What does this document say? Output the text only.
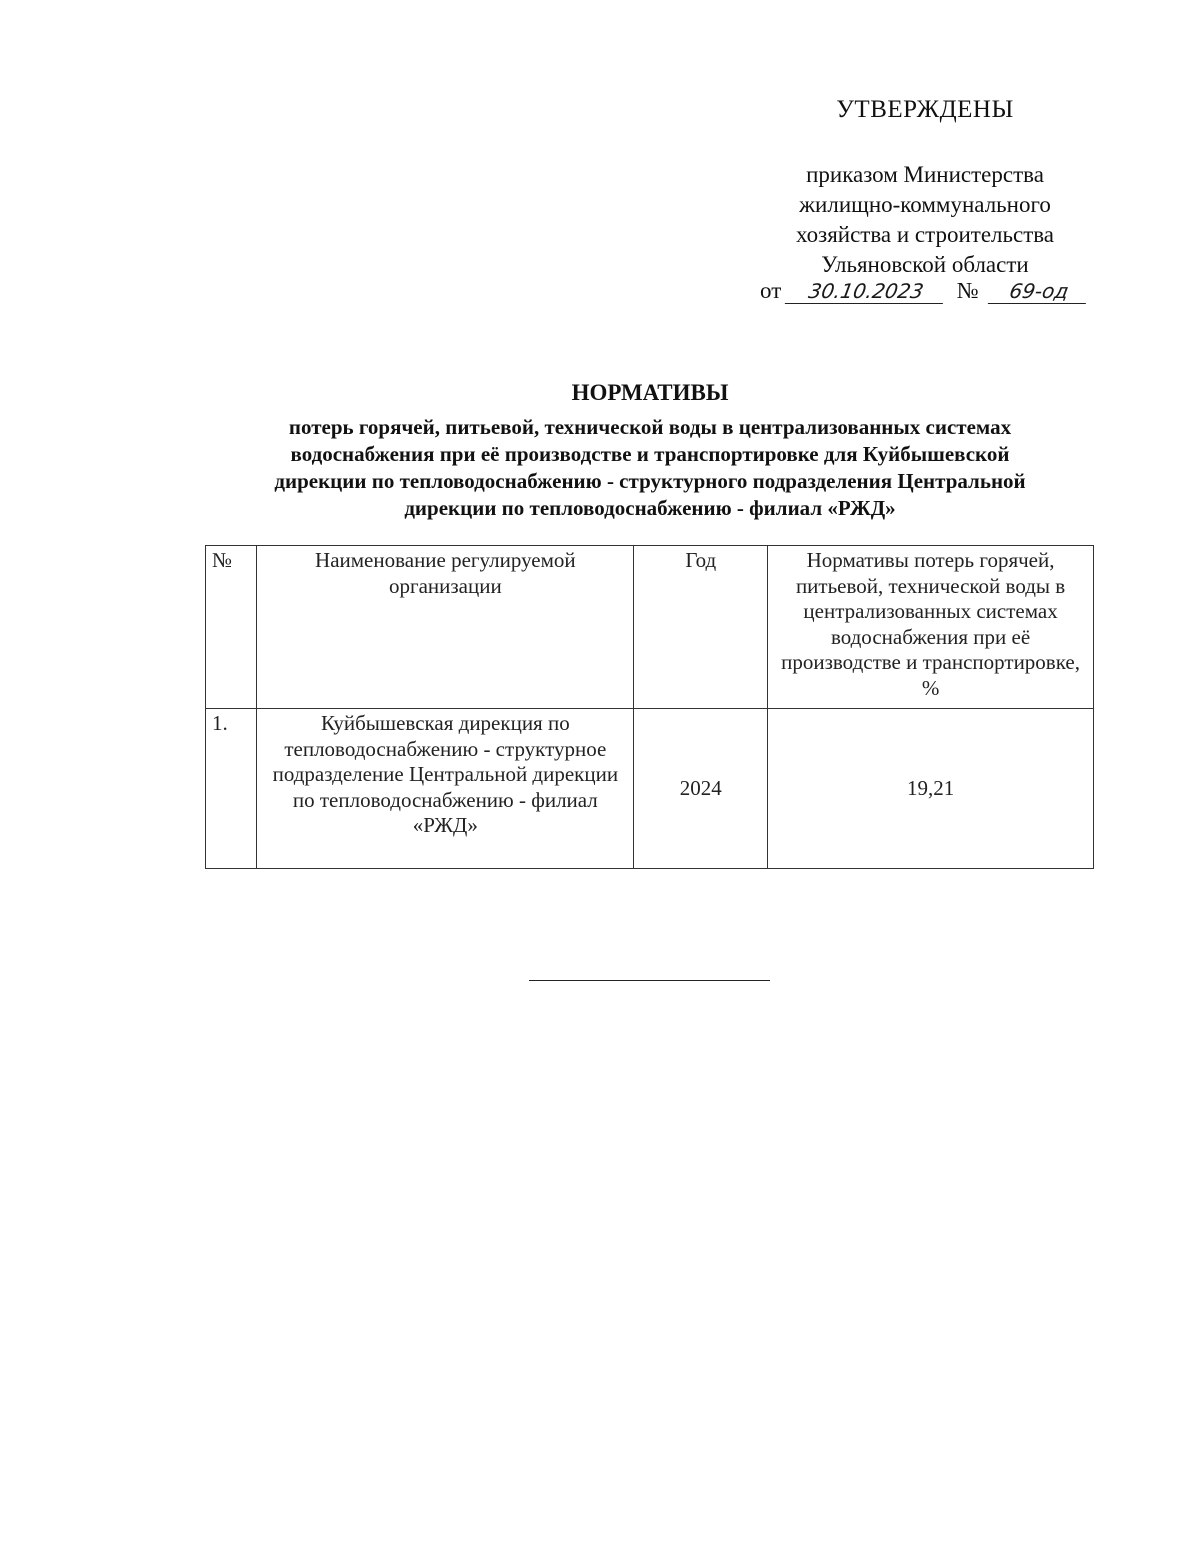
УТВЕРЖДЕНЫ
приказом Министерства
жилищно-коммунального
хозяйства и строительства
Ульяновской области
от 30.10.2023 № 69-од
НОРМАТИВЫ
потерь горячей, питьевой, технической воды в централизованных системах
водоснабжения при её производстве и транспортировке для Куйбышевской
дирекции по тепловодоснабжению - структурного подразделения Центральной
дирекции по тепловодоснабжению - филиал «РЖД»
№	Наименование регулируемой организации	Год	Нормативы потерь горячей, питьевой, технической воды в централизованных системах водоснабжения при её производстве и транспортировке, %
1.	Куйбышевская дирекция по тепловодоснабжению - структурное подразделение Центральной дирекции по тепловодоснабжению - филиал «РЖД»	2024	19,21
